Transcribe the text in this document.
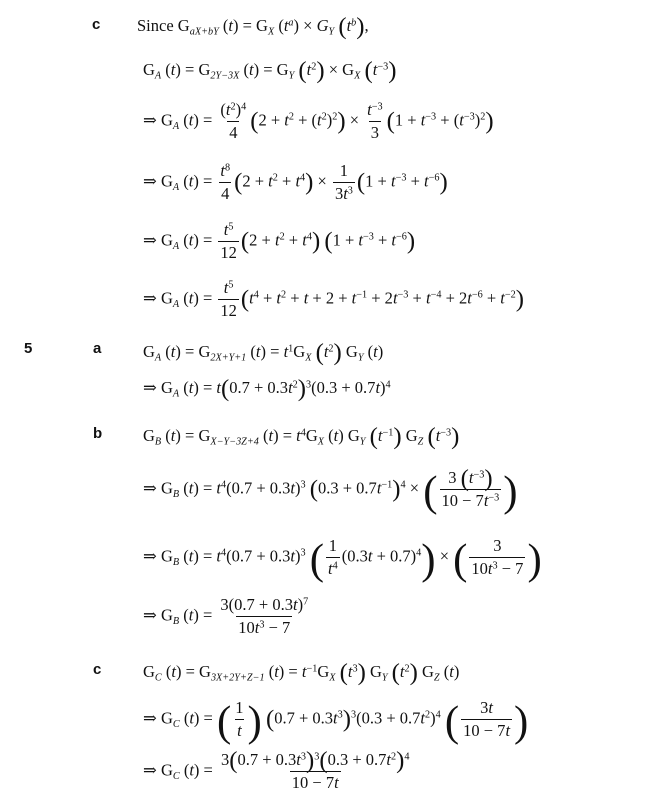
c Since $G_{aX+bY}$ $(t) = G_X$ $(t^a) \times G_Y$ $(t^b)$,
$G_A$ $(t) = G_{2Y-3X}$ $(t) = G_Y$ $(t^2) \times G_X$ $(t^{-3})$
⇒ $G_A$ $(t) = \frac{(t^2)^4}{4} (2 + t^2 + (t^2)^2) \times \frac{t^{-3}}{3} (1 + t^{-3} + (t^{-3})^2)$
⇒ $G_A$ $(t) = \frac{t^8}{4} (2 + t^2 + t^4) \times \frac{1}{3t^3} (1 + t^{-3} + t^{-6})$
⇒ $G_A$ $(t) = \frac{t^5}{12} (2 + t^2 + t^4) (1 + t^{-3} + t^{-6})$
⇒ $G_A$ $(t) = \frac{t^5}{12} (t^4 + t^2 + t + 2 + t^{-1} + 2t^{-3} + t^{-4} + 2t^{-6} + t^{-2})$
5	a	$G_A$ $(t) = G_{2X+Y+1}$ $(t) = t^1G_X$ $(t^2)$ $G_Y$ (t)
⇒ $G_A$ $(t) = t(0.7 + 0.3t^2)^3(0.3 + 0.7t)^4$
b $G_B$ $(t) = G_{X-Y-3Z+4}$ $(t) = t^4G_X$ (t) $G_Y$ $(t^{-1})$ $G_Z$ $(t^{-3})$
⇒ $G_B$ $(t) = t^4(0.7 + 0.3t)^3$ $(0.3 + 0.7t^{-1})^4$ × ( $\frac{3 (t^{-3})}{10 - 7t^{-3}}$ )
⇒ $G_B$ $(t) = t^4(0.7 + 0.3t)^3$ ( $\frac{1}{t^4} (0.3t + 0.7)^4$) × ( $\frac{3}{10t^3 - 7}$ )
⇒ $G_B$ $(t) = \frac{3(0.7 + 0.3t)^7}{10t^3 - 7}$
c	$G_C$ $(t) = G_{3X+2Y+Z-1}$ $(t) = t^{-1}G_X$ $(t^3)$ $G_Y$ $(t^2)$ $G_Z$ (t)
⇒ $G_C$ (t) = ( $\frac{1}{t}$ ) $(0.7 + 0.3t^3)^3(0.3 + 0.7t^2)^4$ ( $\frac{3t}{10 - 7t}$ )
⇒ $G_C$ $(t) = \frac{3(0.7 + 0.3t^3)^3(0.3 + 0.7t^2)^4}{10 - 7t}$
